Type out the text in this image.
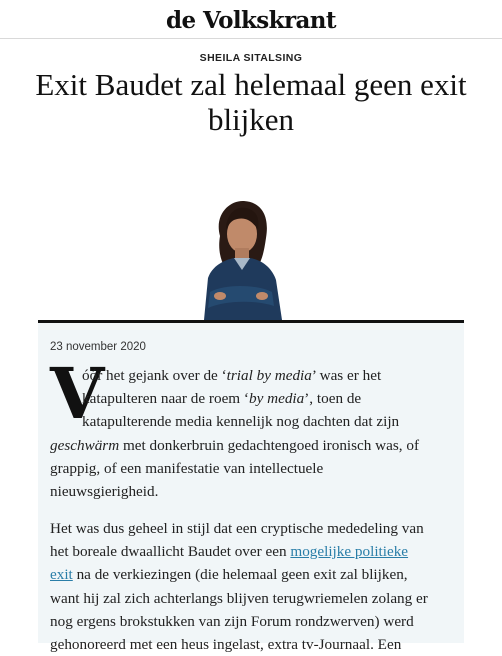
de Volkskrant
SHEILA SITALSING
Exit Baudet zal helemaal geen exit blijken
23 november 2020
V

óór het gejank over de ‘trial by media’ was er het
katapulteren naar de roem ‘by media’, toen de
katapulterende media kennelijk nog dachten dat zijn
geschwärm met donkerbruin gedachtengoed ironisch was, of
grappig, of een manifestatie van intellectuele
nieuwsgierigheid.

Het was dus geheel in stijl dat een cryptische mededeling van
het boreale dwaallicht Baudet over een mogelijke politieke
exit na de verkiezingen (die helemaal geen exit zal blijken,
want hij zal zich achterlangs blijven terugwriemelen zolang er
nog ergens brokstukken van zijn Forum rondzwerven) werd
gehonoreerd met een heus ingelast, extra tv-Journaal. Een
